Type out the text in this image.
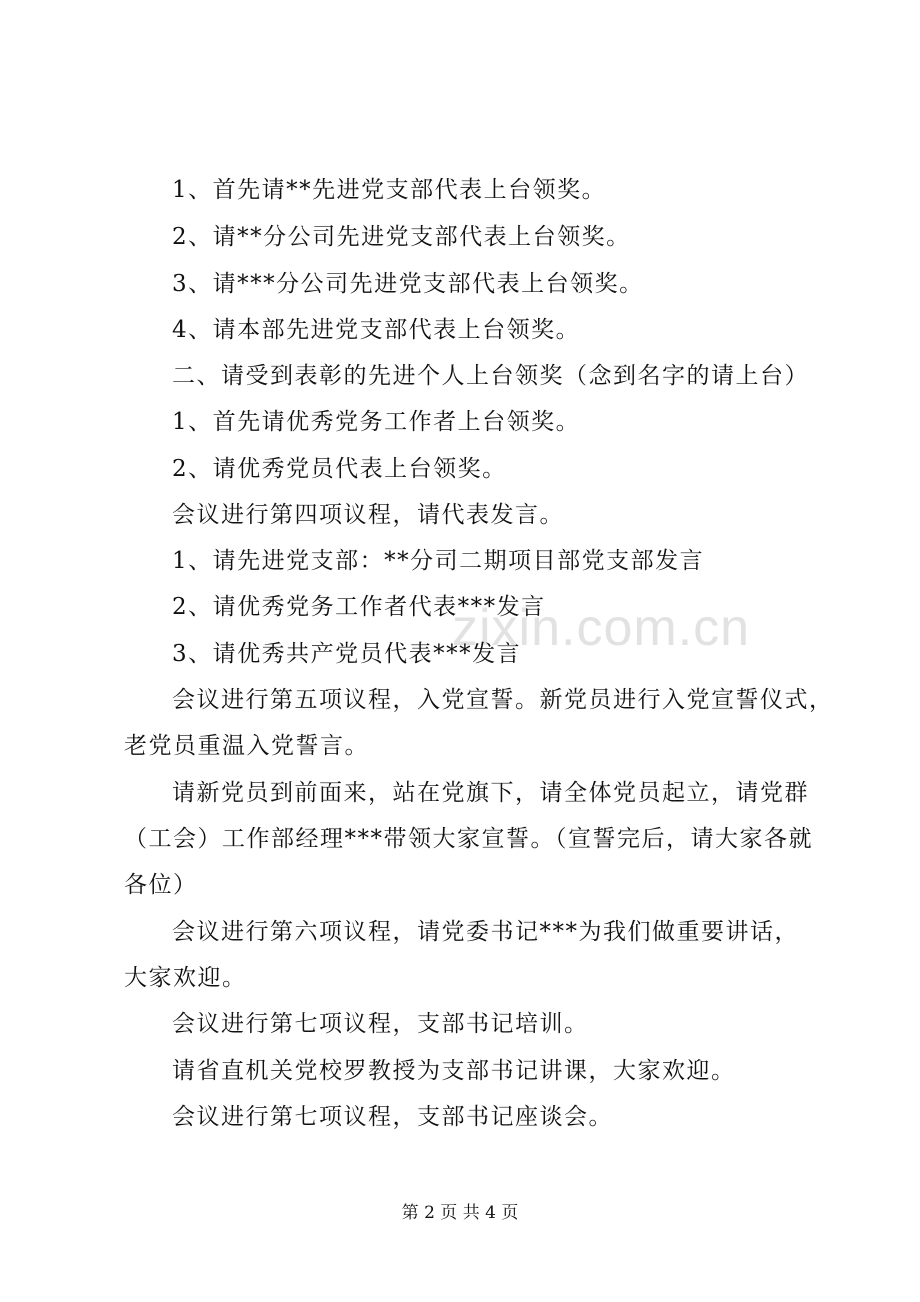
zixin.com.cn
1、首先请**先进党支部代表上台领奖。
2、请**分公司先进党支部代表上台领奖。
3、请***分公司先进党支部代表上台领奖。
4、请本部先进党支部代表上台领奖。
二、请受到表彰的先进个人上台领奖（念到名字的请上台）
1、首先请优秀党务工作者上台领奖。
2、请优秀党员代表上台领奖。
会议进行第四项议程，请代表发言。
1、请先进党支部：**分司二期项目部党支部发言
2、请优秀党务工作者代表***发言
3、请优秀共产党员代表***发言
会议进行第五项议程，入党宣誓。新党员进行入党宣誓仪式，
老党员重温入党誓言。
请新党员到前面来，站在党旗下，请全体党员起立，请党群
（工会）工作部经理***带领大家宣誓。（宣誓完后，请大家各就
各位）
会议进行第六项议程，请党委书记***为我们做重要讲话，
大家欢迎。
会议进行第七项议程，支部书记培训。
请省直机关党校罗教授为支部书记讲课，大家欢迎。
会议进行第七项议程，支部书记座谈会。
第 2 页 共 4 页
